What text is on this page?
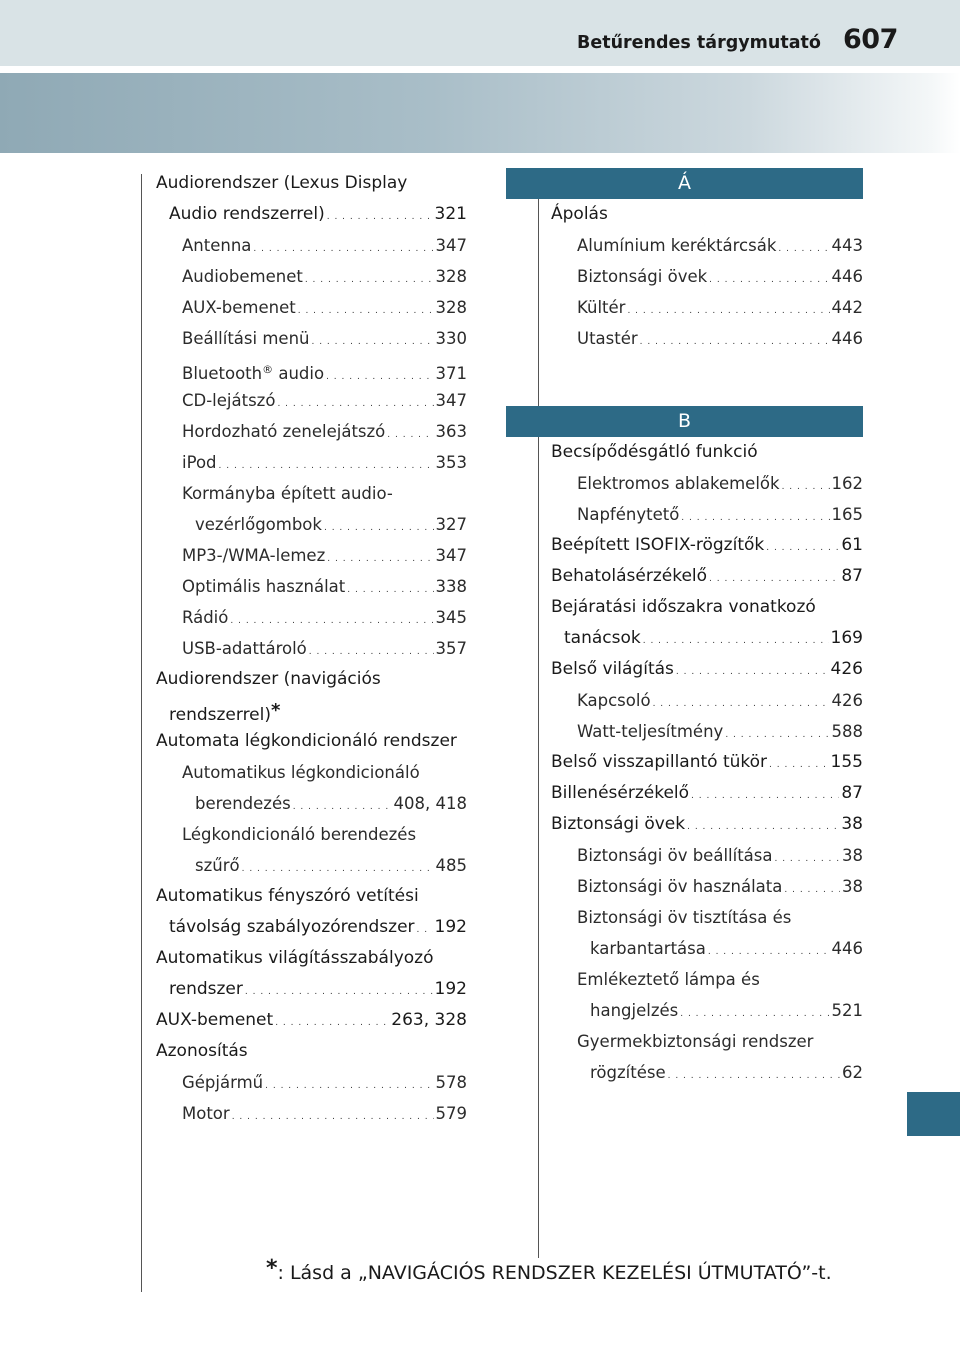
Betűrendes tárgymutató 607
Audiorendszer (Lexus Display
Audio rendszerrel) . . .	321
Antenna . . .	347
Audiobemenet . . .	328
AUX-bemenet . . .	328
Beállítási menü . . .	330
Bluetooth® audio . . .	371
CD-lejátszó . . .	347
Hordozható zenelejátszó . . .	363
iPod . . .	353
Kormányba épített audio-
vezérlőgombok . . .	327
MP3-/WMA-lemez . . .	347
Optimális használat . . .	338
Rádió . . .	345
USB-adattároló . . .	357
Audiorendszer (navigációs
rendszerrel)*
Automata légkondicionáló rendszer
Automatikus légkondicionáló
berendezés . . .	408, 418
Légkondicionáló berendezés
szűrő . . .	485
Automatikus fényszóró vetítési
távolság szabályozórendszer . . . 192
Automatikus világításszabályozó
rendszer . . .	192
AUX-bemenet . . .	263, 328
Azonosítás
Gépjármű . . .	578
Motor . . .	579
Á
Ápolás
Alumínium keréktárcsák . . .	443
Biztonsági övek . . .	446
Kültér . . .	442
Utastér . . .	446
B
Becsípődésgátló funkció
Elektromos ablakemelők . . .	162
Napfénytető . . .	165
Beépített ISOFIX-rögzítők . . .	61
Behatolásérzékelő . . .	87
Bejáratási időszakra vonatkozó
tanácsok . . .	169
Belső világítás . . .	426
Kapcsoló . . .	426
Watt-teljesítmény . . .	588
Belső visszapillantó tükör . . .	155
Billenésérzékelő . . .	87
Biztonsági övek . . .	38
Biztonsági öv beállítása . . .	38
Biztonsági öv használata . . .	38
Biztonsági öv tisztítása és
karbantartása . . .	446
Emlékeztető lámpa és
hangjelzés . . .	521
Gyermekbiztonsági rendszer
rögzítése . . .	62
*: Lásd a „NAVIGÁCIÓS RENDSZER KEZELÉSI ÚTMUTATÓ”-t.
